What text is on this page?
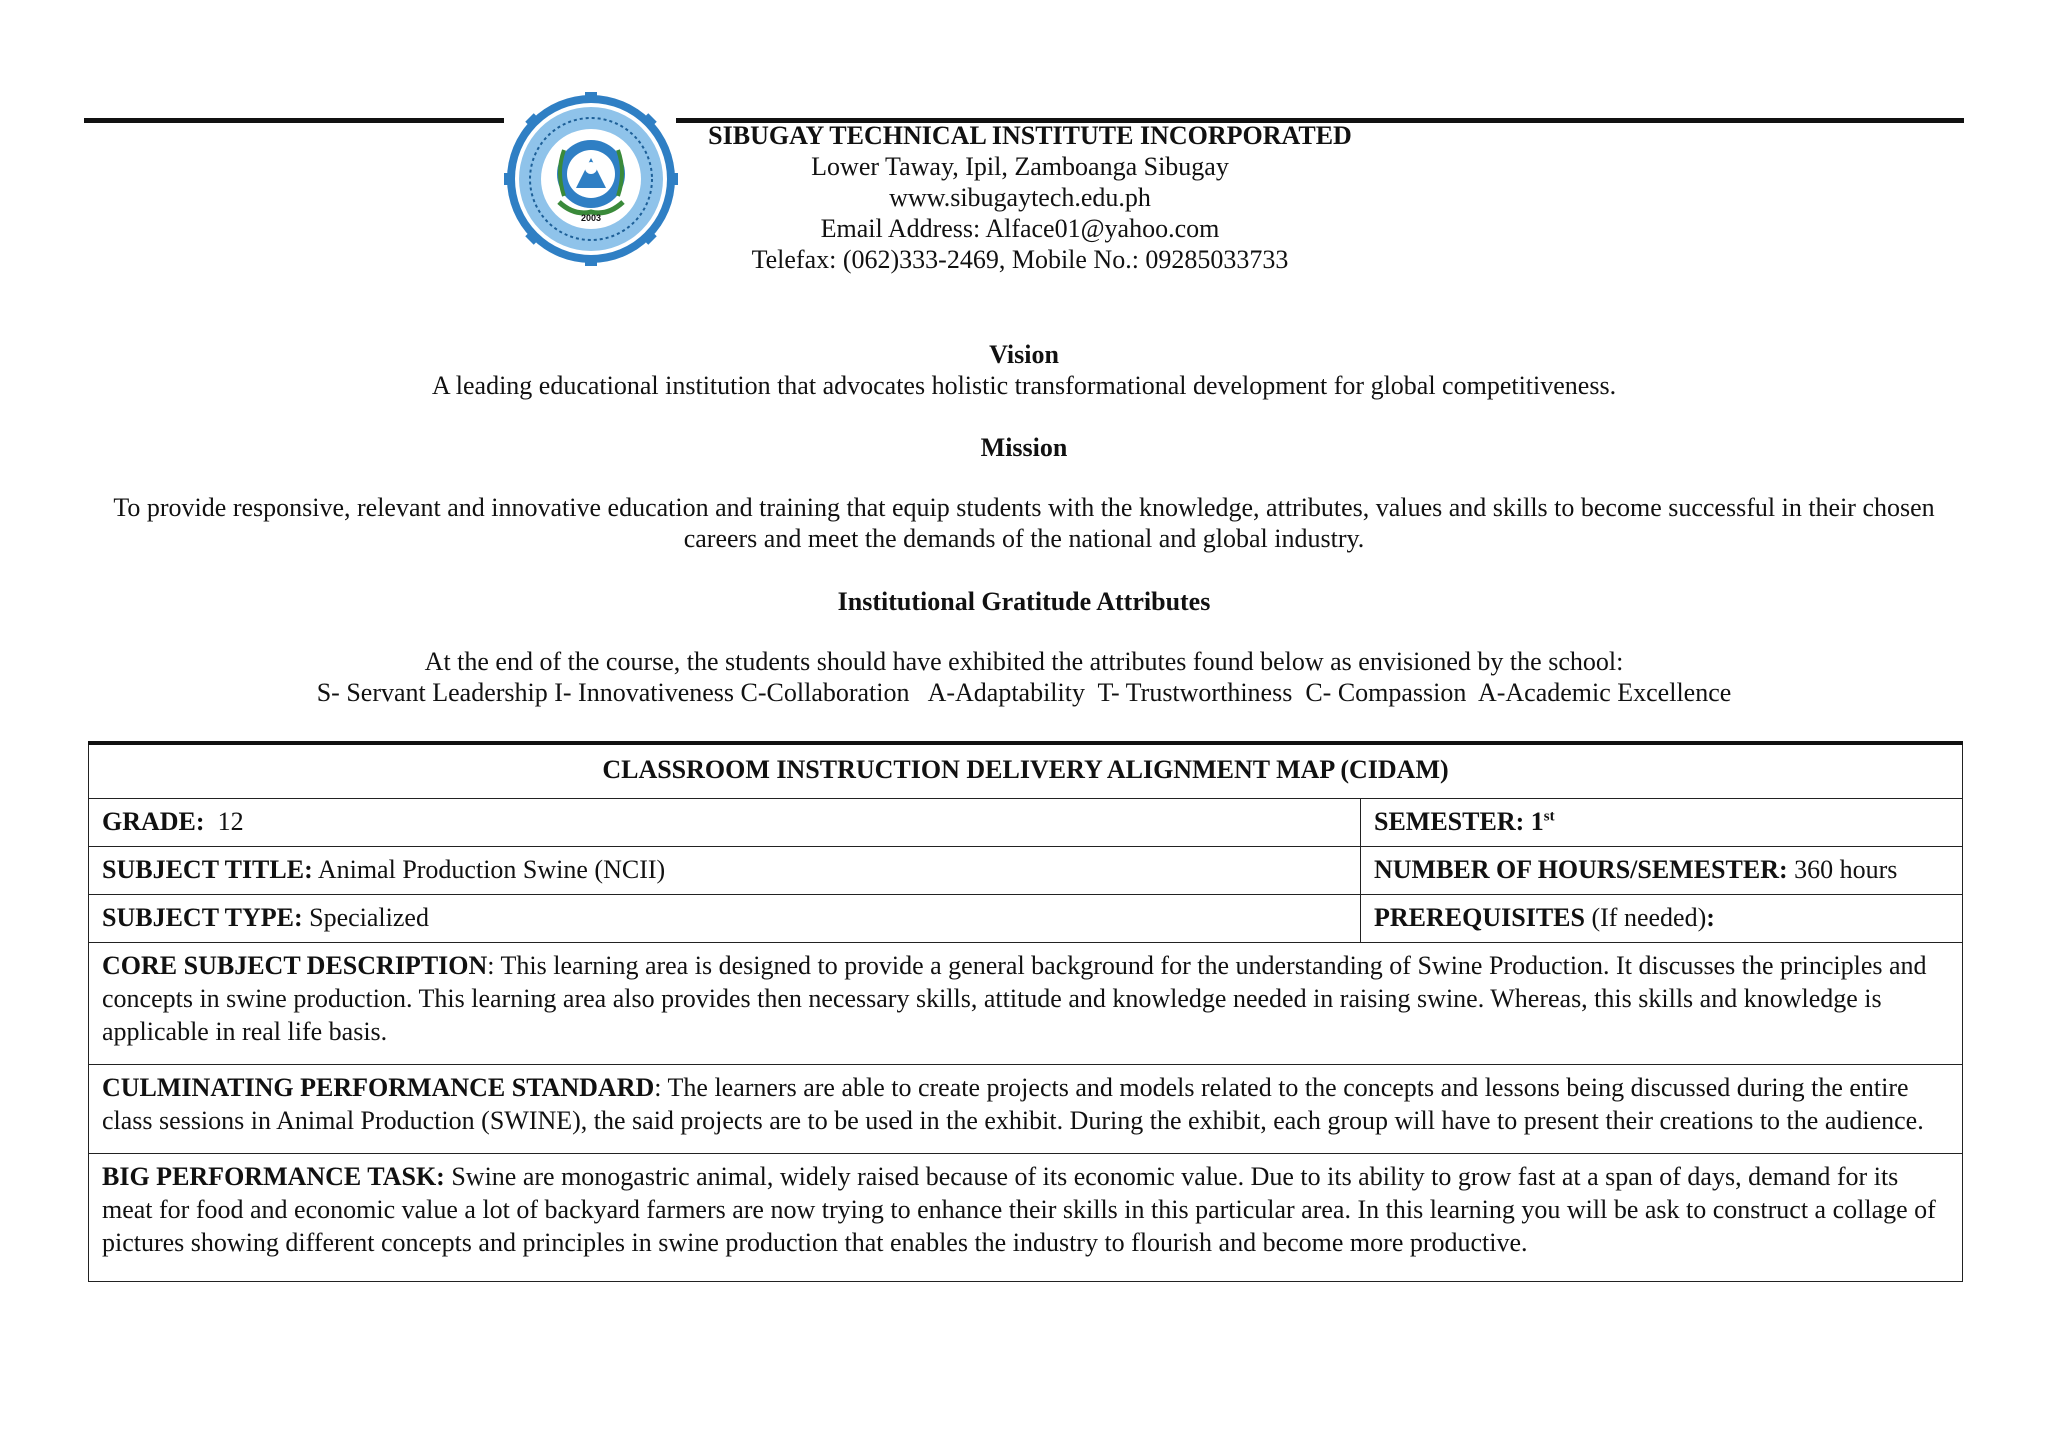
2003
SIBUGAY TECHNICAL INSTITUTE INCORPORATED
Lower Taway, Ipil, Zamboanga Sibugay
www.sibugaytech.edu.ph
Email Address: Alface01@yahoo.com
Telefax: (062)333-2469, Mobile No.: 09285033733
Vision
A leading educational institution that advocates holistic transformational development for global competitiveness.
Mission
To provide responsive, relevant and innovative education and training that equip students with the knowledge, attributes, values and skills to become successful in their chosen careers and meet the demands of the national and global industry.
Institutional Gratitude Attributes
At the end of the course, the students should have exhibited the attributes found below as envisioned by the school:
S- Servant Leadership I- Innovativeness C-Collaboration   A-Adaptability  T- Trustworthiness  C- Compassion  A-Academic Excellence
CLASSROOM INSTRUCTION DELIVERY ALIGNMENT MAP (CIDAM)	
GRADE: 12	SEMESTER: 1st
SUBJECT TITLE: Animal Production Swine (NCII)	NUMBER OF HOURS/SEMESTER: 360 hours
SUBJECT TYPE: Specialized	PREREQUISITES (If needed):
CORE SUBJECT DESCRIPTION: This learning area is designed to provide a general background for the understanding of Swine Production. It discusses the principles and concepts in swine production. This learning area also provides then necessary skills, attitude and knowledge needed in raising swine. Whereas, this skills and knowledge is applicable in real life basis.	
CULMINATING PERFORMANCE STANDARD: The learners are able to create projects and models related to the concepts and lessons being discussed during the entire class sessions in Animal Production (SWINE), the said projects are to be used in the exhibit. During the exhibit, each group will have to present their creations to the audience.	
BIG PERFORMANCE TASK: Swine are monogastric animal, widely raised because of its economic value. Due to its ability to grow fast at a span of days, demand for its meat for food and economic value a lot of backyard farmers are now trying to enhance their skills in this particular area. In this learning you will be ask to construct a collage of pictures showing different concepts and principles in swine production that enables the industry to flourish and become more productive.	
